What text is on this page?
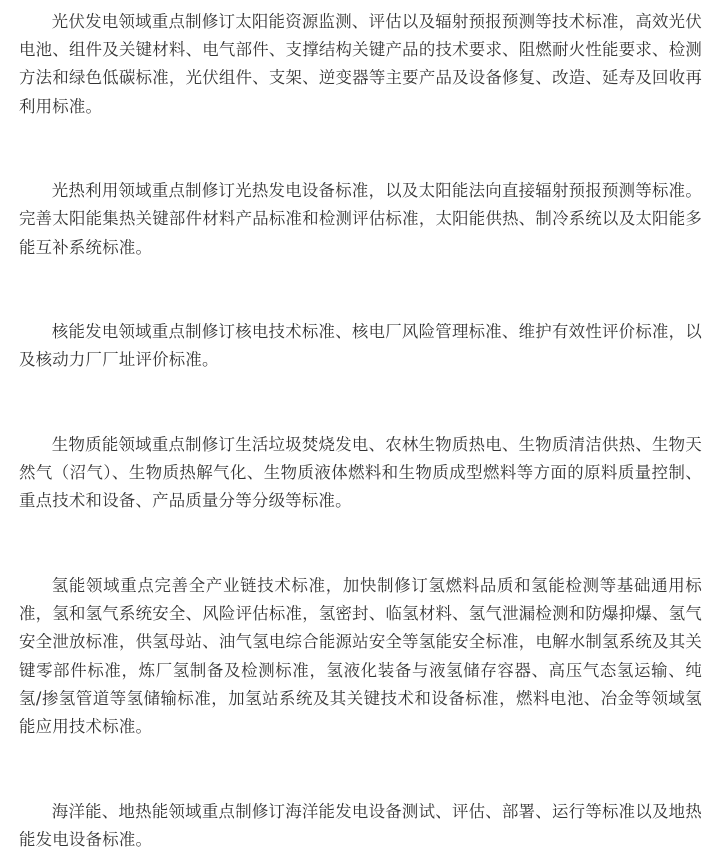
光伏发电领域重点制修订太阳能资源监测、评估以及辐射预报预测等技术标准，高效光伏电池、组件及关键材料、电气部件、支撑结构关键产品的技术要求、阻燃耐火性能要求、检测方法和绿色低碳标准，光伏组件、支架、逆变器等主要产品及设备修复、改造、延寿及回收再利用标准。

光热利用领域重点制修订光热发电设备标准，以及太阳能法向直接辐射预报预测等标准。完善太阳能集热关键部件材料产品标准和检测评估标准，太阳能供热、制冷系统以及太阳能多能互补系统标准。

核能发电领域重点制修订核电技术标准、核电厂风险管理标准、维护有效性评价标准，以及核动力厂厂址评价标准。

生物质能领域重点制修订生活垃圾焚烧发电、农林生物质热电、生物质清洁供热、生物天然气（沼气）、生物质热解气化、生物质液体燃料和生物质成型燃料等方面的原料质量控制、重点技术和设备、产品质量分等分级等标准。

氢能领域重点完善全产业链技术标准，加快制修订氢燃料品质和氢能检测等基础通用标准，氢和氢气系统安全、风险评估标准，氢密封、临氢材料、氢气泄漏检测和防爆抑爆、氢气安全泄放标准，供氢母站、油气氢电综合能源站安全等氢能安全标准，电解水制氢系统及其关键零部件标准，炼厂氢制备及检测标准，氢液化装备与液氢储存容器、高压气态氢运输、纯氢/掺氢管道等氢储输标准，加氢站系统及其关键技术和设备标准，燃料电池、冶金等领域氢能应用技术标准。

海洋能、地热能领域重点制修订海洋能发电设备测试、评估、部署、运行等标准以及地热能发电设备标准。
